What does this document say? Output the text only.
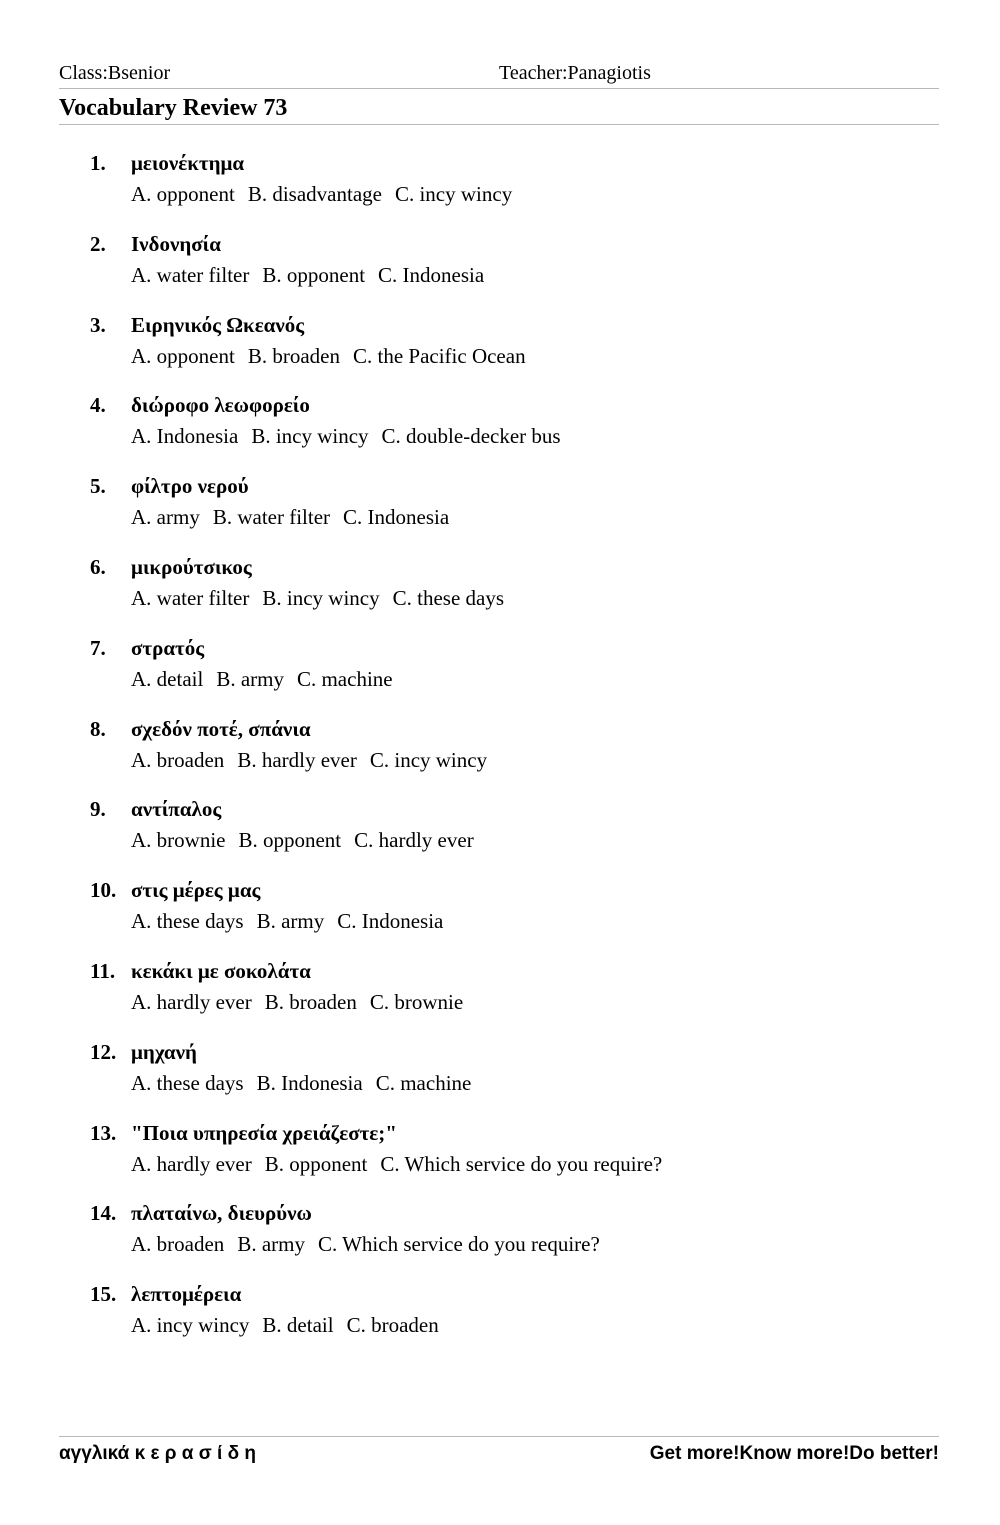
Class:Bsenior	Teacher:Panagiotis
Vocabulary Review 73
1. μειονέκτημα
A. opponent B. disadvantage C. incy wincy
2. Ινδονησία
A. water filter B. opponent C. Indonesia
3. Ειρηνικός Ωκεανός
A. opponent B. broaden C. the Pacific Ocean
4. διώροφο λεωφορείο
A. Indonesia B. incy wincy C. double-decker bus
5. φίλτρο νερού
A. army B. water filter C. Indonesia
6. μικρούτσικος
A. water filter B. incy wincy C. these days
7. στρατός
A. detail B. army C. machine
8. σχεδόν ποτέ, σπάνια
A. broaden B. hardly ever C. incy wincy
9. αντίπαλος
A. brownie B. opponent C. hardly ever
10. στις μέρες μας
A. these days B. army C. Indonesia
11. κεκάκι με σοκολάτα
A. hardly ever B. broaden C. brownie
12. μηχανή
A. these days B. Indonesia C. machine
13. "Ποια υπηρεσία χρειάζεστε;"
A. hardly ever B. opponent C. Which service do you require?
14. πλαταίνω, διευρύνω
A. broaden B. army C. Which service do you require?
15. λεπτομέρεια
A. incy wincy B. detail C. broaden
αγγλικά κ ε ρ α σ ί δ η	Get more!Know more!Do better!
